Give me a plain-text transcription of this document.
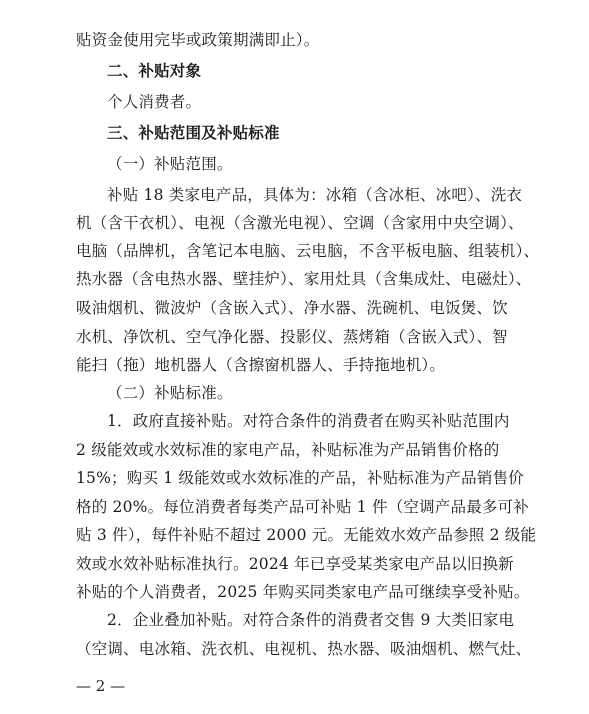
贴资金使用完毕或政策期满即止）。
二、补贴对象
个人消费者。
三、补贴范围及补贴标准
（一）补贴范围。
补贴 18 类家电产品，具体为：冰箱（含冰柜、冰吧）、洗衣
机（含干衣机）、电视（含激光电视）、空调（含家用中央空调）、
电脑（品牌机，含笔记本电脑、云电脑，不含平板电脑、组装机）、
热水器（含电热水器、壁挂炉）、家用灶具（含集成灶、电磁灶）、
吸油烟机、微波炉（含嵌入式）、净水器、洗碗机、电饭煲、饮
水机、净饮机、空气净化器、投影仪、蒸烤箱（含嵌入式）、智
能扫（拖）地机器人（含擦窗机器人、手持拖地机）。
（二）补贴标准。
1．政府直接补贴。对符合条件的消费者在购买补贴范围内
2 级能效或水效标准的家电产品，补贴标准为产品销售价格的
15%；购买 1 级能效或水效标准的产品，补贴标准为产品销售价
格的 20%。每位消费者每类产品可补贴 1 件（空调产品最多可补
贴 3 件），每件补贴不超过 2000 元。无能效水效产品参照 2 级能
效或水效补贴标准执行。2024 年已享受某类家电产品以旧换新
补贴的个人消费者，2025 年购买同类家电产品可继续享受补贴。
2．企业叠加补贴。对符合条件的消费者交售 9 大类旧家电
（空调、电冰箱、洗衣机、电视机、热水器、吸油烟机、燃气灶、
— 2 —
